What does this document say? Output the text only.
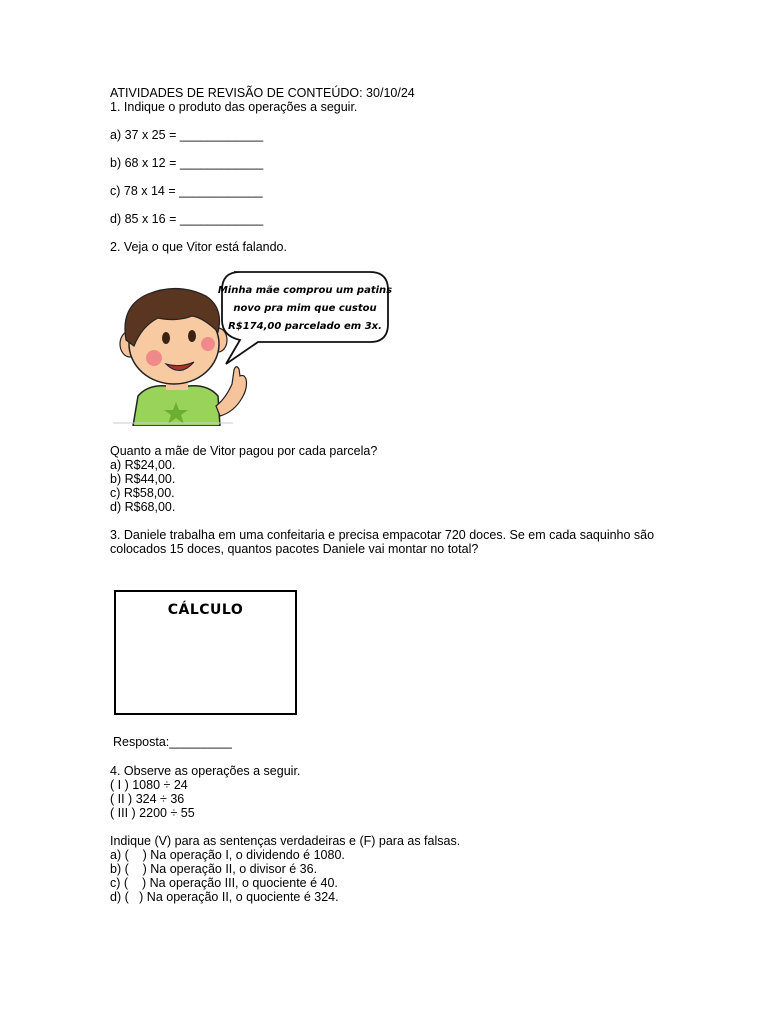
ATIVIDADES DE REVISÃO DE CONTEÚDO: 30/10/24
1. Indique o produto das operações a seguir.
a) 37 x 25 = ____________
b) 68 x 12 = ____________
c) 78 x 14 = ____________
d) 85 x 16 = ____________
2. Veja o que Vitor está falando.
Minha mãe comprou um patins
novo pra mim que custou
R$174,00 parcelado em 3x.
Quanto a mãe de Vitor pagou por cada parcela?
a) R$24,00.
b) R$44,00.
c) R$58,00.
d) R$68,00.
3. Daniele trabalha em uma confeitaria e precisa empacotar 720 doces. Se em cada saquinho são colocados 15 doces, quantos pacotes Daniele vai montar no total?
CÁLCULO
Resposta:_________
4. Observe as operações a seguir.
( I ) 1080 ÷ 24
( II ) 324 ÷ 36
( III ) 2200 ÷ 55
Indique (V) para as sentenças verdadeiras e (F) para as falsas.
a) (    ) Na operação I, o dividendo é 1080.
b) (    ) Na operação II, o divisor é 36.
c) (    ) Na operação III, o quociente é 40.
d) (   ) Na operação II, o quociente é 324.
